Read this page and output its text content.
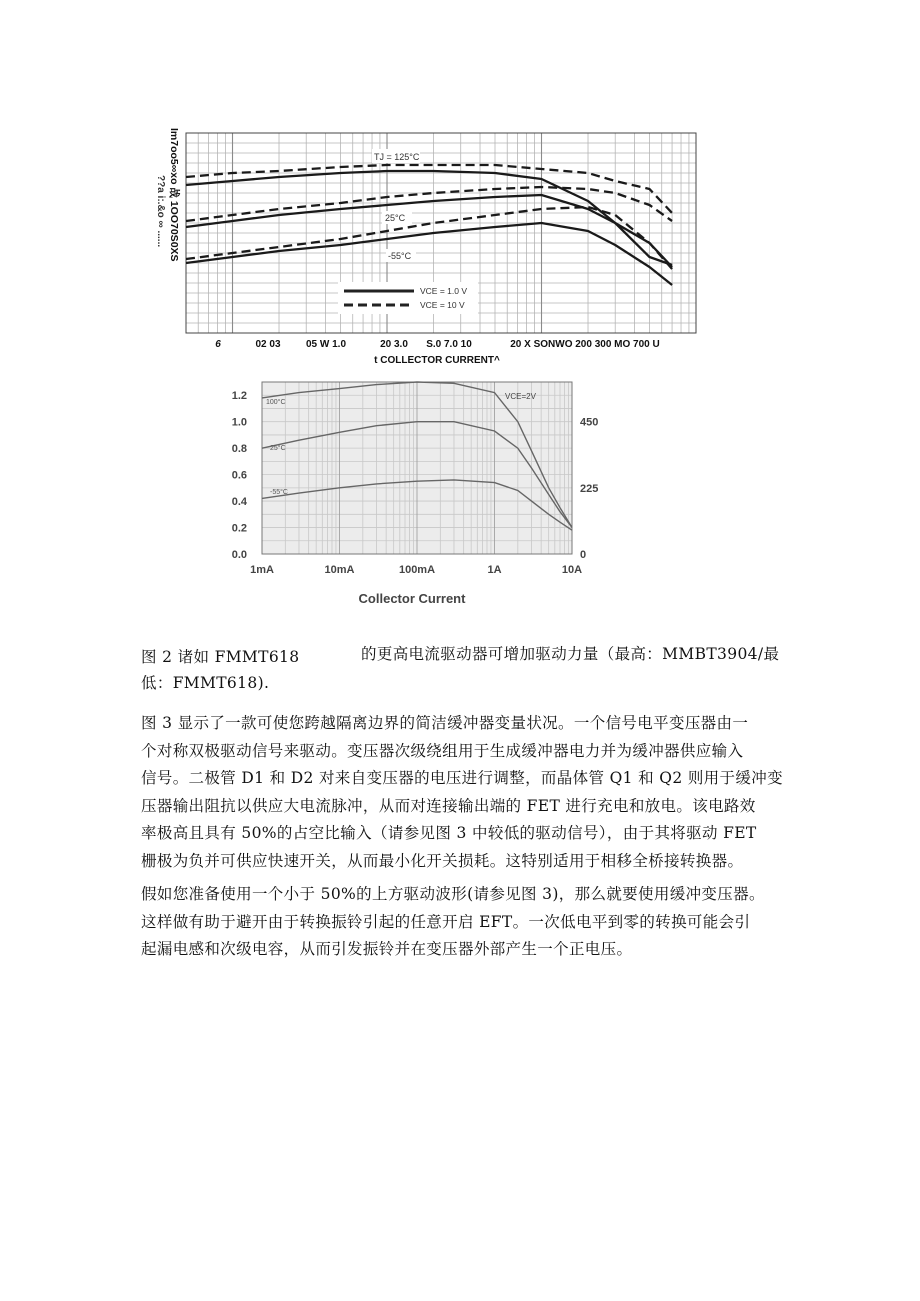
TJ = 125°C
25°C
-55°C
VCE = 1.0 V
VCE = 10 V
6	02 03	05 W 1.0	20 3.0 S.0 7.0 10	20 X SONWO 200 300 MO 700 U
t COLLECTOR CURRENT^
Im7oo5∞xo 战 1OO70S0XS
??a i:.&o ∞ ......
0.0
0.2
0.4
0.6
0.8
1.0
1.2
0
225
450
1mA	10mA	100mA	1A	10A
VCE=2V
100°C
25°C
-55°C
Collector Current
图 2 诸如 FMMT618	的更高电流驱动器可增加驱动力量（最高：MMBT3904/最
低：FMMT618).
图 3 显示了一款可使您跨越隔离边界的简洁缓冲器变量状况。一个信号电平变压器由一
个对称双极驱动信号来驱动。变压器次级绕组用于生成缓冲器电力并为缓冲器供应输入
信号。二极管 D1 和 D2 对来自变压器的电压进行调整，而晶体管 Q1 和 Q2 则用于缓冲变
压器输出阻抗以供应大电流脉冲，从而对连接输出端的 FET 进行充电和放电。该电路效
率极高且具有 50%的占空比输入（请参见图 3 中较低的驱动信号），由于其将驱动 FET
栅极为负并可供应快速开关，从而最小化开关损耗。这特别适用于相移全桥接转换器。
假如您准备使用一个小于 50%的上方驱动波形(请参见图 3)，那么就要使用缓冲变压器。
这样做有助于避开由于转换振铃引起的任意开启 EFT。一次低电平到零的转换可能会引
起漏电感和次级电容，从而引发振铃并在变压器外部产生一个正电压。
